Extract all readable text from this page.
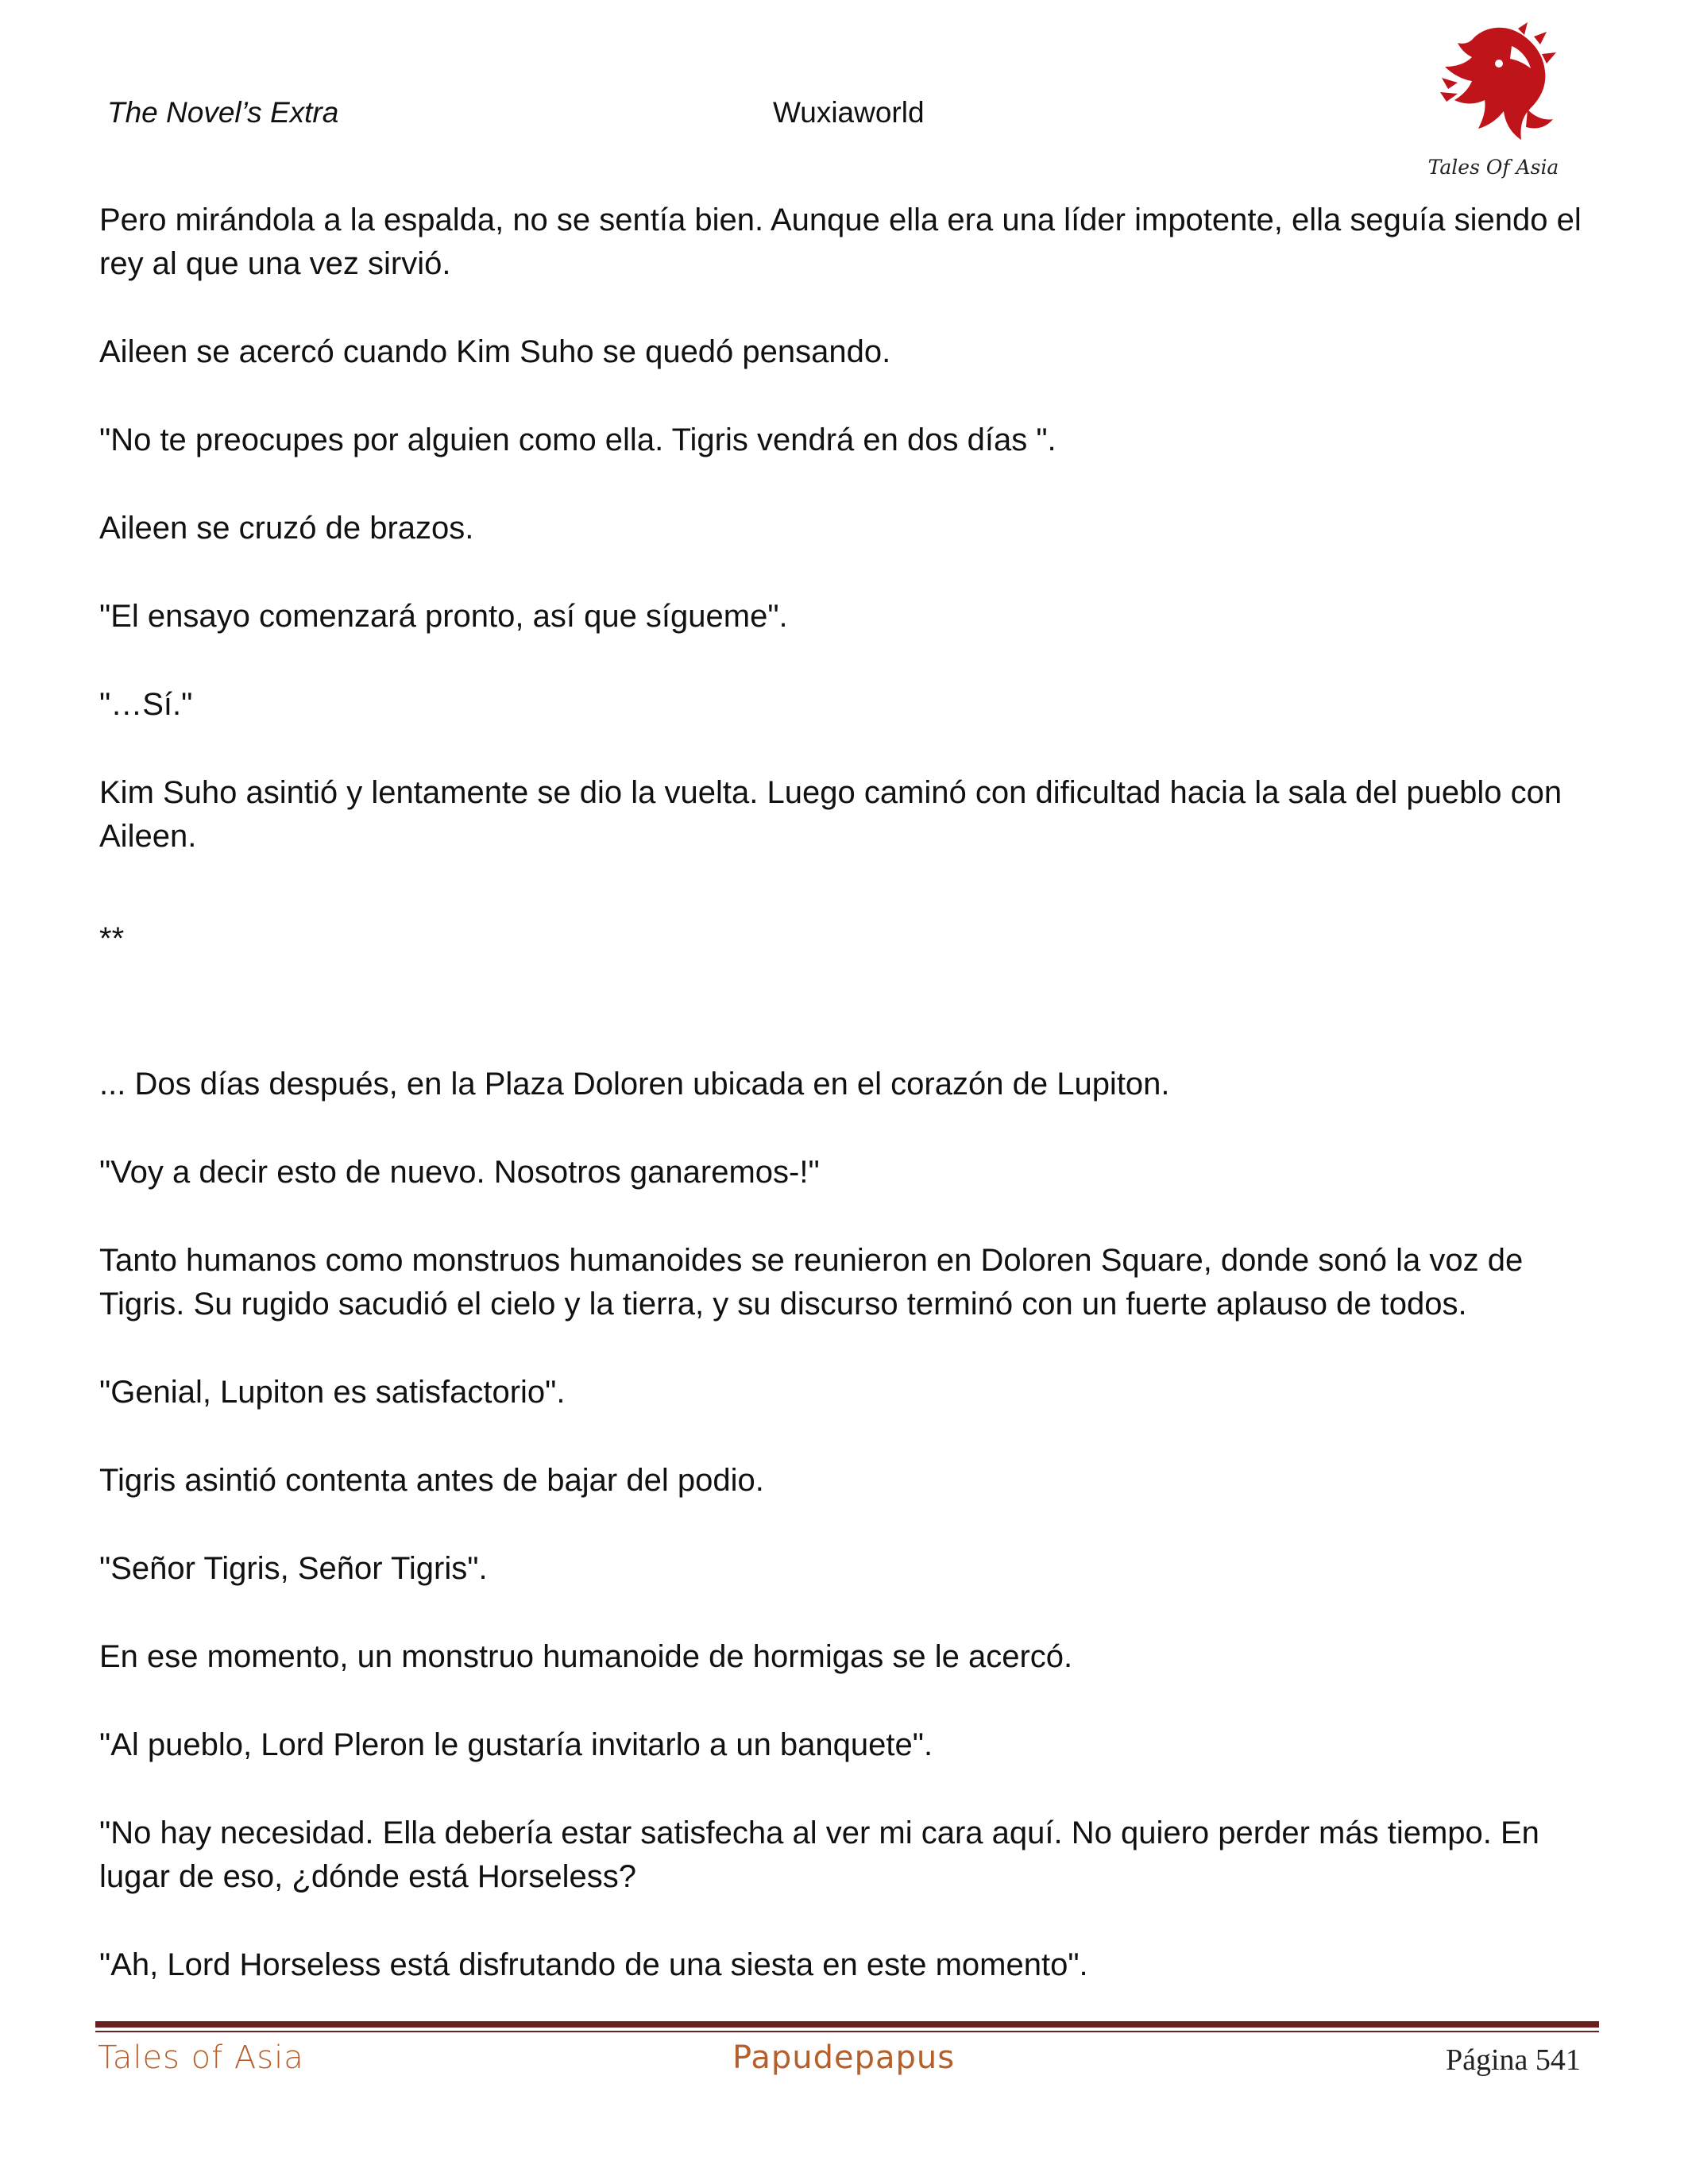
The Novel’s Extra	Wuxiaworld
Tales Of Asia

Pero mirándola a la espalda, no se sentía bien. Aunque ella era una líder impotente, ella seguía siendo el rey al que una vez sirvió.

Aileen se acercó cuando Kim Suho se quedó pensando.

"No te preocupes por alguien como ella. Tigris vendrá en dos días ".

Aileen se cruzó de brazos.

"El ensayo comenzará pronto, así que sígueme".

"…Sí."

Kim Suho asintió y lentamente se dio la vuelta. Luego caminó con dificultad hacia la sala del pueblo con Aileen.

**

... Dos días después, en la Plaza Doloren ubicada en el corazón de Lupiton.

"Voy a decir esto de nuevo. Nosotros ganaremos-!"

Tanto humanos como monstruos humanoides se reunieron en Doloren Square, donde sonó la voz de Tigris. Su rugido sacudió el cielo y la tierra, y su discurso terminó con un fuerte aplauso de todos.

"Genial, Lupiton es satisfactorio".

Tigris asintió contenta antes de bajar del podio.

"Señor Tigris, Señor Tigris".

En ese momento, un monstruo humanoide de hormigas se le acercó.

"Al pueblo, Lord Pleron le gustaría invitarlo a un banquete".

"No hay necesidad. Ella debería estar satisfecha al ver mi cara aquí. No quiero perder más tiempo. En lugar de eso, ¿dónde está Horseless?

"Ah, Lord Horseless está disfrutando de una siesta en este momento".

Tales of Asia	Papudepapus	Página 541
